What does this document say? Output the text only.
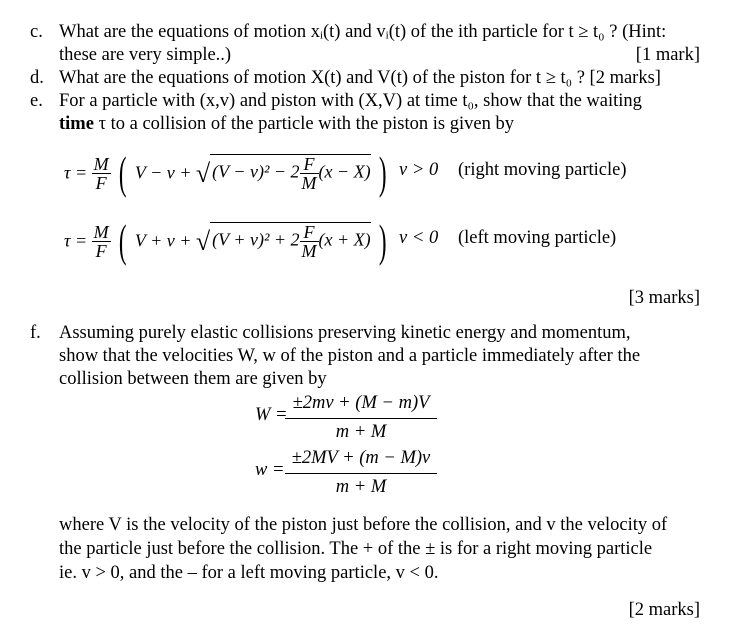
c. What are the equations of motion xᵢ(t) and vᵢ(t) of the ith particle for t ≥ t₀ ? (Hint:
these are very simple..)	[1 mark]
d. What are the equations of motion X(t) and V(t) of the piston for t ≥ t₀ ? [2 marks]
e. For a particle with (x,v) and piston with (X,V) at time t₀, show that the waiting
time τ to a collision of the particle with the piston is given by
$\tau = \frac{M}{F}$ ( V − v + √ $(V - v)^2 - 2 \frac{F}{M} (x - X)$ ) v > 0 (right moving particle)
$\tau = \frac{M}{F}$ ( V + v + √ $(V + v)^2 + 2 \frac{F}{M} (x + X)$ ) v < 0 (left moving particle)
[3 marks]
f. Assuming purely elastic collisions preserving kinetic energy and momentum,
show that the velocities W, w of the piston and a particle immediately after the
collision between them are given by
W =
±2mv + (M − m)V
m + M
w =
±2MV + (m − M)v
m + M
where V is the velocity of the piston just before the collision, and v the velocity of
the particle just before the collision. The + of the ± is for a right moving particle
ie. v > 0, and the – for a left moving particle, v < 0.
[2 marks]
